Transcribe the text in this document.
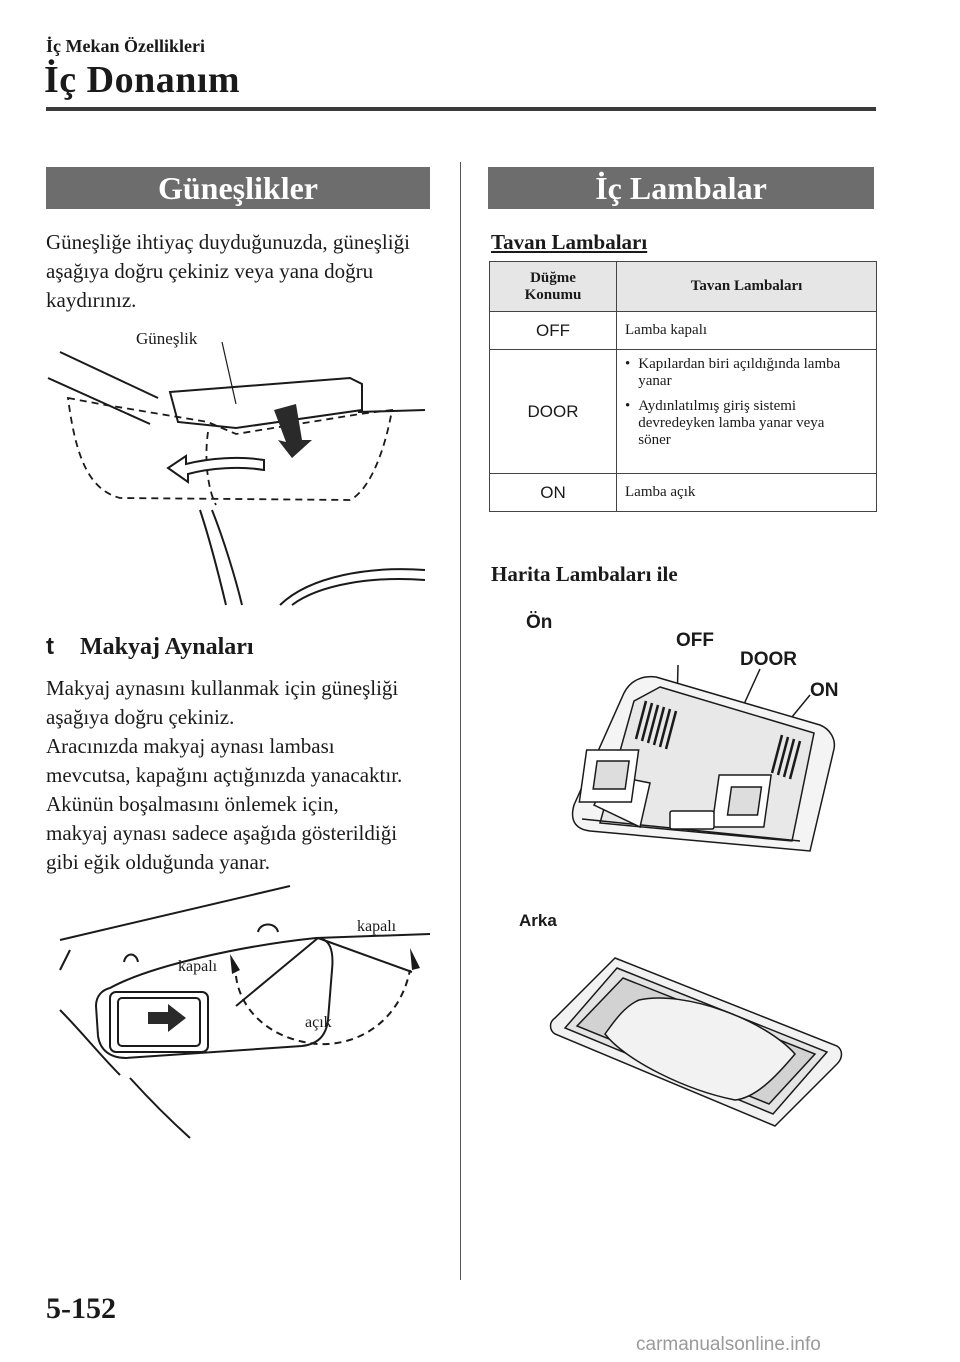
İç Mekan Özellikleri
İç Donanım
Güneşlikler
Güneşliğe ihtiyaç duyduğunuzda, güneşliği
aşağıya doğru çekiniz veya yana doğru
kaydırınız.
Güneşlik
t Makyaj Aynaları
Makyaj aynasını kullanmak için güneşliği
aşağıya doğru çekiniz.
Aracınızda makyaj aynası lambası
mevcutsa, kapağını açtığınızda yanacaktır.
Akünün boşalmasını önlemek için,
makyaj aynası sadece aşağıda gösterildiği
gibi eğik olduğunda yanar.
kapalı
kapalı
açık
İç Lambalar
Tavan Lambaları
Düğme Konumu	Tavan Lambaları
OFF	Lamba kapalı
DOOR	• Kapılardan biri açıldığında lamba yanar
• Aydınlatılmış giriş sistemi devredeyken lamba yanar veya söner

ON	Lamba açık
Harita Lambaları ile
Ön
OFF
DOOR
ON
Arka
5-152
carmanualsonline.info
